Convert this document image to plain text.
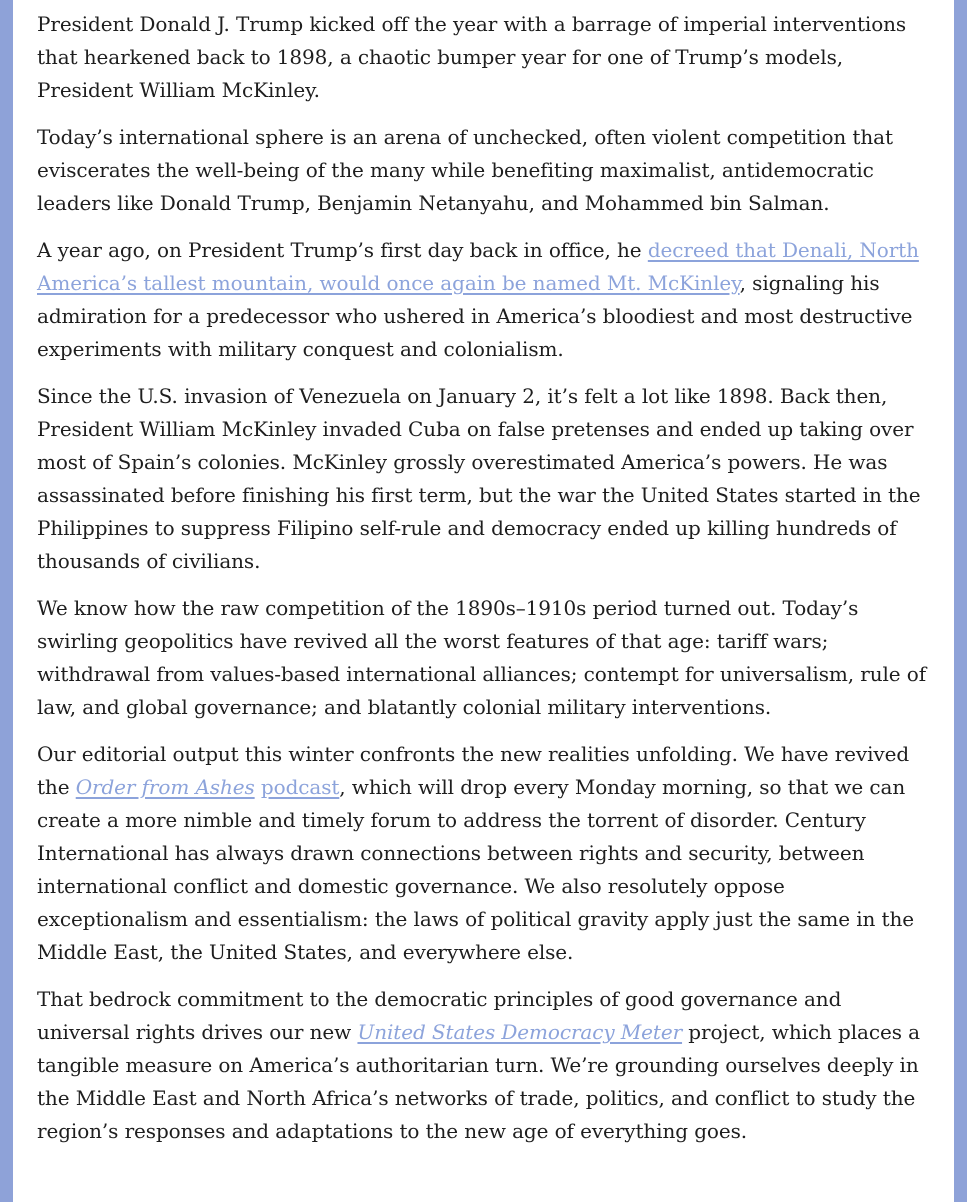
President Donald J. Trump kicked off the year with a barrage of imperial interventions that hearkened back to 1898, a chaotic bumper year for one of Trump’s models, President William McKinley.

Today’s international sphere is an arena of unchecked, often violent competition that eviscerates the well-being of the many while benefiting maximalist, antidemocratic leaders like Donald Trump, Benjamin Netanyahu, and Mohammed bin Salman.

A year ago, on President Trump’s first day back in office, he decreed that Denali, North America’s tallest mountain, would once again be named Mt. McKinley, signaling his admiration for a predecessor who ushered in America’s bloodiest and most destructive experiments with military conquest and colonialism.

Since the U.S. invasion of Venezuela on January 2, it’s felt a lot like 1898. Back then, President William McKinley invaded Cuba on false pretenses and ended up taking over most of Spain’s colonies. McKinley grossly overestimated America’s powers. He was assassinated before finishing his first term, but the war the United States started in the Philippines to suppress Filipino self-rule and democracy ended up killing hundreds of thousands of civilians.

We know how the raw competition of the 1890s–1910s period turned out. Today’s swirling geopolitics have revived all the worst features of that age: tariff wars; withdrawal from values-based international alliances; contempt for universalism, rule of law, and global governance; and blatantly colonial military interventions.

Our editorial output this winter confronts the new realities unfolding. We have revived the Order from Ashes podcast, which will drop every Monday morning, so that we can create a more nimble and timely forum to address the torrent of disorder. Century International has always drawn connections between rights and security, between international conflict and domestic governance. We also resolutely oppose exceptionalism and essentialism: the laws of political gravity apply just the same in the Middle East, the United States, and everywhere else.

That bedrock commitment to the democratic principles of good governance and universal rights drives our new United States Democracy Meter project, which places a tangible measure on America’s authoritarian turn. We’re grounding ourselves deeply in the Middle East and North Africa’s networks of trade, politics, and conflict to study the region’s responses and adaptations to the new age of everything goes.
